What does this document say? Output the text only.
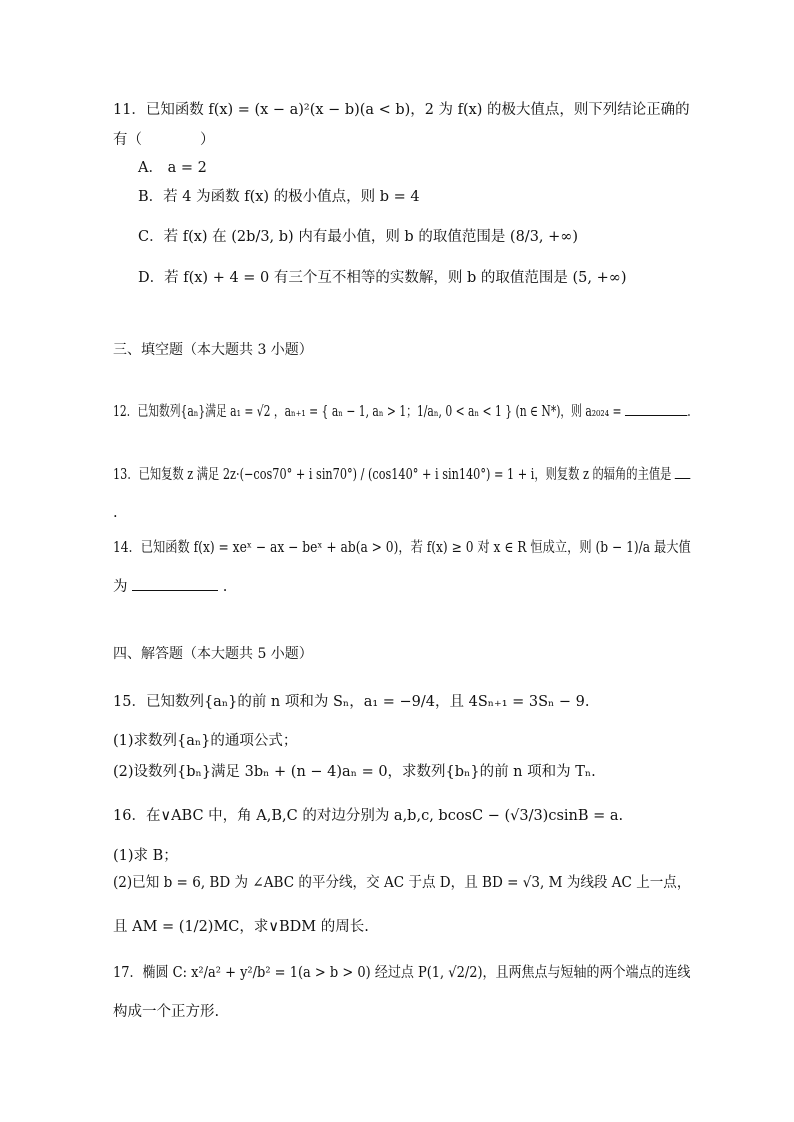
11．已知函数 f(x) = (x − a)²(x − b)(a < b)，2 为 f(x) 的极大值点，则下列结论正确的
有（　　　　）
A． a = 2
B．若 4 为函数 f(x) 的极小值点，则 b = 4
C．若 f(x) 在 (2b/3, b) 内有最小值，则 b 的取值范围是 (8/3, +∞)
D．若 f(x) + 4 = 0 有三个互不相等的实数解，则 b 的取值范围是 (5, +∞)
三、填空题（本大题共 3 小题）
12．已知数列{aₙ}满足 a₁ = √2 ，aₙ₊₁ = { aₙ − 1, aₙ > 1；1/aₙ, 0 < aₙ < 1 } (n ∈ N*)，则 a₂₀₂₄ =	.
13．已知复数 z 满足 2z·(−cos70° + i sin70°) / (cos140° + i sin140°) = 1 + i，则复数 z 的辐角的主值是
.
14．已知函数 f(x) = xeˣ − ax − beˣ + ab(a > 0)，若 f(x) ≥ 0 对 x ∈ R 恒成立，则 (b − 1)/a 最大值
为	.
四、解答题（本大题共 5 小题）
15．已知数列{aₙ}的前 n 项和为 Sₙ，a₁ = −9/4，且 4Sₙ₊₁ = 3Sₙ − 9.
(1)求数列{aₙ}的通项公式；
(2)设数列{bₙ}满足 3bₙ + (n − 4)aₙ = 0，求数列{bₙ}的前 n 项和为 Tₙ.
16．在∨ABC 中，角 A,B,C 的对边分别为 a,b,c, bcosC − (√3/3)csinB = a.
(1)求 B；
(2)已知 b = 6, BD 为 ∠ABC 的平分线，交 AC 于点 D，且 BD = √3, M 为线段 AC 上一点，
且 AM = (1/2)MC，求∨BDM 的周长.
17．椭圆 C: x²/a² + y²/b² = 1(a > b > 0) 经过点 P(1, √2/2)，且两焦点与短轴的两个端点的连线
构成一个正方形.
